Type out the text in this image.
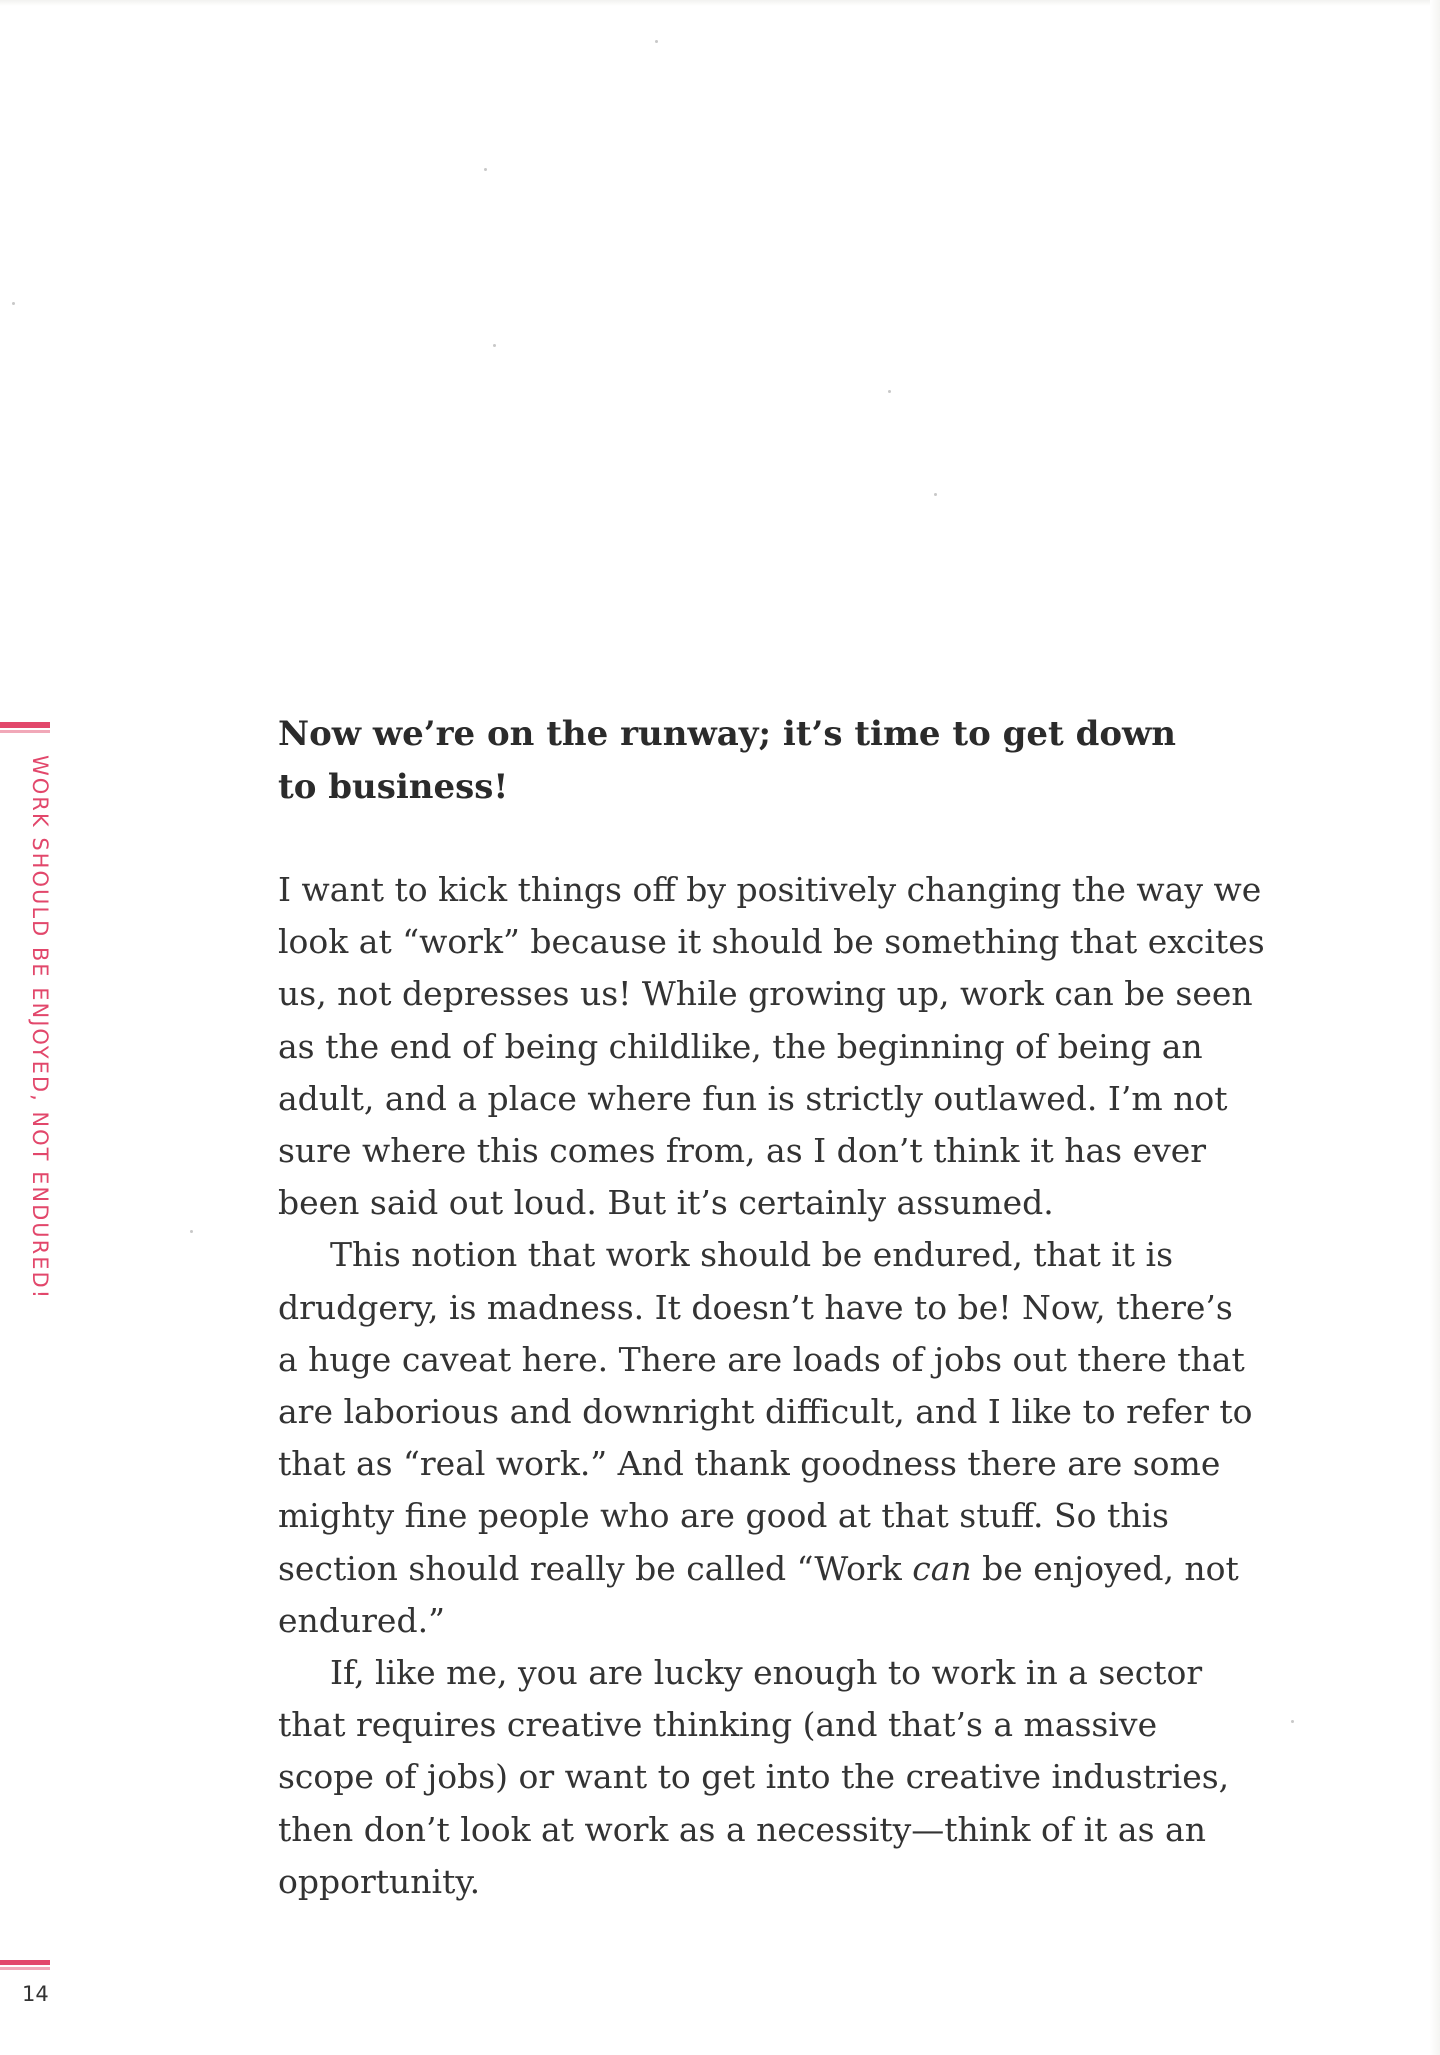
WORK SHOULD BE ENJOYED, NOT ENDURED!
14
Now we’re on the runway; it’s time to get down
to business!

I want to kick things off by positively changing the way we
look at “work” because it should be something that excites
us, not depresses us! While growing up, work can be seen
as the end of being childlike, the beginning of being an
adult, and a place where fun is strictly outlawed. I’m not
sure where this comes from, as I don’t think it has ever
been said out loud. But it’s certainly assumed.

This notion that work should be endured, that it is
drudgery, is madness. It doesn’t have to be! Now, there’s
a huge caveat here. There are loads of jobs out there that
are laborious and downright difficult, and I like to refer to
that as “real work.” And thank goodness there are some
mighty fine people who are good at that stuff. So this
section should really be called “Work can be enjoyed, not
endured.”

If, like me, you are lucky enough to work in a sector
that requires creative thinking (and that’s a massive
scope of jobs) or want to get into the creative industries,
then don’t look at work as a necessity—think of it as an
opportunity.
